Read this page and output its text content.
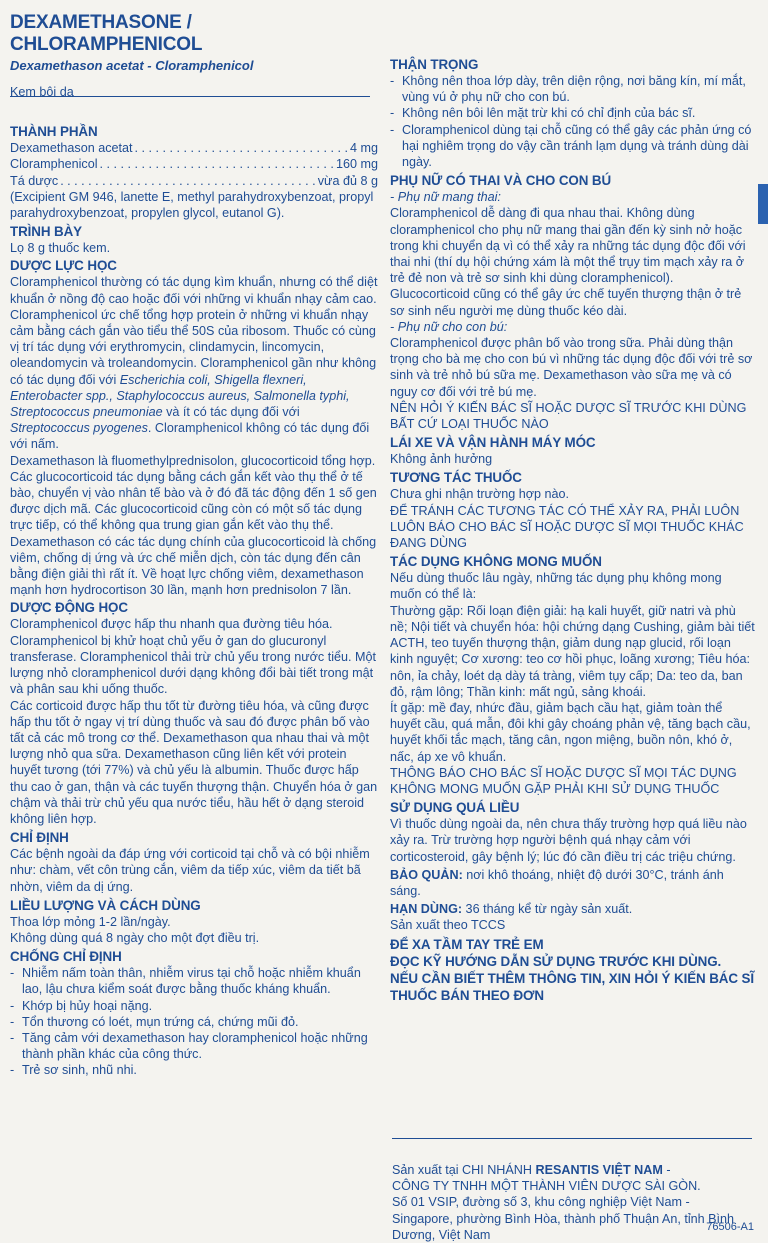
DEXAMETHASONE / CHLORAMPHENICOL
Dexamethason acetat - Cloramphenicol
Kem bôi da
THÀNH PHẦN
Dexamethason acetat . . .	4 mg
Cloramphenicol . . .	160 mg
Tá dược . . .	vừa đủ 8 g

(Excipient GM 946, lanette E, methyl parahydroxybenzoat, propyl parahydroxybenzoat, propylen glycol, eutanol G).

TRÌNH BÀY

Lọ 8 g thuốc kem.

DƯỢC LỰC HỌC

Cloramphenicol thường có tác dụng kìm khuẩn, nhưng có thể diệt khuẩn ở nồng độ cao hoặc đối với những vi khuẩn nhạy cảm cao.

Cloramphenicol ức chế tổng hợp protein ở những vi khuẩn nhạy cảm bằng cách gắn vào tiểu thể 50S của ribosom. Thuốc có cùng vị trí tác dụng với erythromycin, clindamycin, lincomycin, oleandomycin và troleandomycin. Cloramphenicol gần như không có tác dụng đối với Escherichia coli, Shigella flexneri, Enterobacter spp., Staphylococcus aureus, Salmonella typhi, Streptococcus pneumoniae và ít có tác dụng đối với Streptococcus pyogenes. Cloramphenicol không có tác dụng đối với nấm.

Dexamethason là fluomethylprednisolon, glucocorticoid tổng hợp. Các glucocorticoid tác dụng bằng cách gắn kết vào thụ thể ở tế bào, chuyển vị vào nhân tế bào và ở đó đã tác động đến 1 số gen được dịch mã. Các glucocorticoid cũng còn có một số tác dụng trực tiếp, có thể không qua trung gian gắn kết vào thụ thể. Dexamethason có các tác dụng chính của glucocorticoid là chống viêm, chống dị ứng và ức chế miễn dịch, còn tác dụng đến cân bằng điện giải thì rất ít. Về hoạt lực chống viêm, dexamethason mạnh hơn hydrocortison 30 lần, mạnh hơn prednisolon 7 lần.

DƯỢC ĐỘNG HỌC

Cloramphenicol được hấp thu nhanh qua đường tiêu hóa. Cloramphenicol bị khử hoạt chủ yếu ở gan do glucuronyl transferase. Cloramphenicol thải trừ chủ yếu trong nước tiểu. Một lượng nhỏ cloramphenicol dưới dạng không đổi bài tiết trong mật và phân sau khi uống thuốc.

Các corticoid được hấp thu tốt từ đường tiêu hóa, và cũng được hấp thu tốt ở ngay vị trí dùng thuốc và sau đó được phân bố vào tất cả các mô trong cơ thể. Dexamethason qua nhau thai và một lượng nhỏ qua sữa. Dexamethason cũng liên kết với protein huyết tương (tới 77%) và chủ yếu là albumin. Thuốc được hấp thu cao ở gan, thận và các tuyến thượng thận. Chuyển hóa ở gan chậm và thải trừ chủ yếu qua nước tiểu, hầu hết ở dạng steroid không liên hợp.

CHỈ ĐỊNH

Các bệnh ngoài da đáp ứng với corticoid tại chỗ và có bội nhiễm như: chàm, vết côn trùng cắn, viêm da tiếp xúc, viêm da tiết bã nhờn, viêm da dị ứng.

LIỀU LƯỢNG VÀ CÁCH DÙNG

Thoa lớp mỏng 1-2 lần/ngày.

Không dùng quá 8 ngày cho một đợt điều trị.

CHỐNG CHỈ ĐỊNH
- Nhiễm nấm toàn thân, nhiễm virus tại chỗ hoặc nhiễm khuẩn lao, lậu chưa kiểm soát được bằng thuốc kháng khuẩn.
- Khớp bị hủy hoại nặng.
- Tổn thương có loét, mụn trứng cá, chứng mũi đỏ.
- Tăng cảm với dexamethason hay cloramphenicol hoặc những thành phần khác của công thức.
- Trẻ sơ sinh, nhũ nhi.
THẬN TRỌNG
- Không nên thoa lớp dày, trên diện rộng, nơi băng kín, mí mắt, vùng vú ở phụ nữ cho con bú.
- Không nên bôi lên mặt trừ khi có chỉ định của bác sĩ.
- Cloramphenicol dùng tại chỗ cũng có thể gây các phản ứng có hại nghiêm trọng do vậy cần tránh lạm dụng và tránh dùng dài ngày.
PHỤ NỮ CÓ THAI VÀ CHO CON BÚ

- Phụ nữ mang thai:

Cloramphenicol dễ dàng đi qua nhau thai. Không dùng cloramphenicol cho phụ nữ mang thai gần đến kỳ sinh nở hoặc trong khi chuyển dạ vì có thể xảy ra những tác dụng độc đối với thai nhi (thí dụ hội chứng xám là một thể trụy tim mạch xảy ra ở trẻ đẻ non và trẻ sơ sinh khi dùng cloramphenicol). Glucocorticoid cũng có thể gây ức chế tuyến thượng thận ở trẻ sơ sinh nếu người mẹ dùng thuốc kéo dài.

- Phụ nữ cho con bú:

Cloramphenicol được phân bố vào trong sữa. Phải dùng thận trọng cho bà mẹ cho con bú vì những tác dụng độc đối với trẻ sơ sinh và trẻ nhỏ bú sữa mẹ. Dexamethason vào sữa mẹ và có nguy cơ đối với trẻ bú mẹ.

NÊN HỎI Ý KIẾN BÁC SĨ HOẶC DƯỢC SĨ TRƯỚC KHI DÙNG BẤT CỨ LOẠI THUỐC NÀO

LÁI XE VÀ VẬN HÀNH MÁY MÓC

Không ảnh hưởng

TƯƠNG TÁC THUỐC

Chưa ghi nhận trường hợp nào.

ĐỂ TRÁNH CÁC TƯƠNG TÁC CÓ THỂ XẢY RA, PHẢI LUÔN LUÔN BÁO CHO BÁC SĨ HOẶC DƯỢC SĨ MỌI THUỐC KHÁC ĐANG DÙNG

TÁC DỤNG KHÔNG MONG MUỐN

Nếu dùng thuốc lâu ngày, những tác dụng phụ không mong muốn có thể là:

Thường gặp: Rối loạn điện giải: hạ kali huyết, giữ natri và phù nề; Nội tiết và chuyển hóa: hội chứng dạng Cushing, giảm bài tiết ACTH, teo tuyến thượng thận, giảm dung nạp glucid, rối loạn kinh nguyệt; Cơ xương: teo cơ hồi phục, loãng xương; Tiêu hóa: nôn, ỉa chảy, loét dạ dày tá tràng, viêm tụy cấp; Da: teo da, ban đỏ, rậm lông; Thần kinh: mất ngủ, sảng khoái.

Ít gặp: mề đay, nhức đầu, giảm bạch cầu hạt, giảm toàn thể huyết cầu, quá mẫn, đôi khi gây choáng phản vệ, tăng bạch cầu, huyết khối tắc mạch, tăng cân, ngon miệng, buồn nôn, khó ở, nấc, áp xe vô khuẩn.

THÔNG BÁO CHO BÁC SĨ HOẶC DƯỢC SĨ MỌI TÁC DỤNG KHÔNG MONG MUỐN GẶP PHẢI KHI SỬ DỤNG THUỐC

SỬ DỤNG QUÁ LIỀU

Vì thuốc dùng ngoài da, nên chưa thấy trường hợp quá liều nào xảy ra. Trừ trường hợp người bệnh quá nhạy cảm với corticosteroid, gây bệnh lý; lúc đó cần điều trị các triệu chứng.

BẢO QUẢN: nơi khô thoáng, nhiệt độ dưới 30°C, tránh ánh sáng.

HẠN DÙNG: 36 tháng kể từ ngày sản xuất.

Sản xuất theo TCCS

ĐỂ XA TẦM TAY TRẺ EM
ĐỌC KỸ HƯỚNG DẪN SỬ DỤNG TRƯỚC KHI DÙNG.
NẾU CẦN BIẾT THÊM THÔNG TIN, XIN HỎI Ý KIẾN BÁC SĨ
THUỐC BÁN THEO ĐƠN

Sản xuất tại CHI NHÁNH RESANTIS VIỆT NAM -

CÔNG TY TNHH MỘT THÀNH VIÊN DƯỢC SÀI GÒN.

Số 01 VSIP, đường số 3, khu công nghiệp Việt Nam - Singapore, phường Bình Hòa, thành phố Thuận An, tỉnh Bình Dương, Việt Nam

76506-A1
